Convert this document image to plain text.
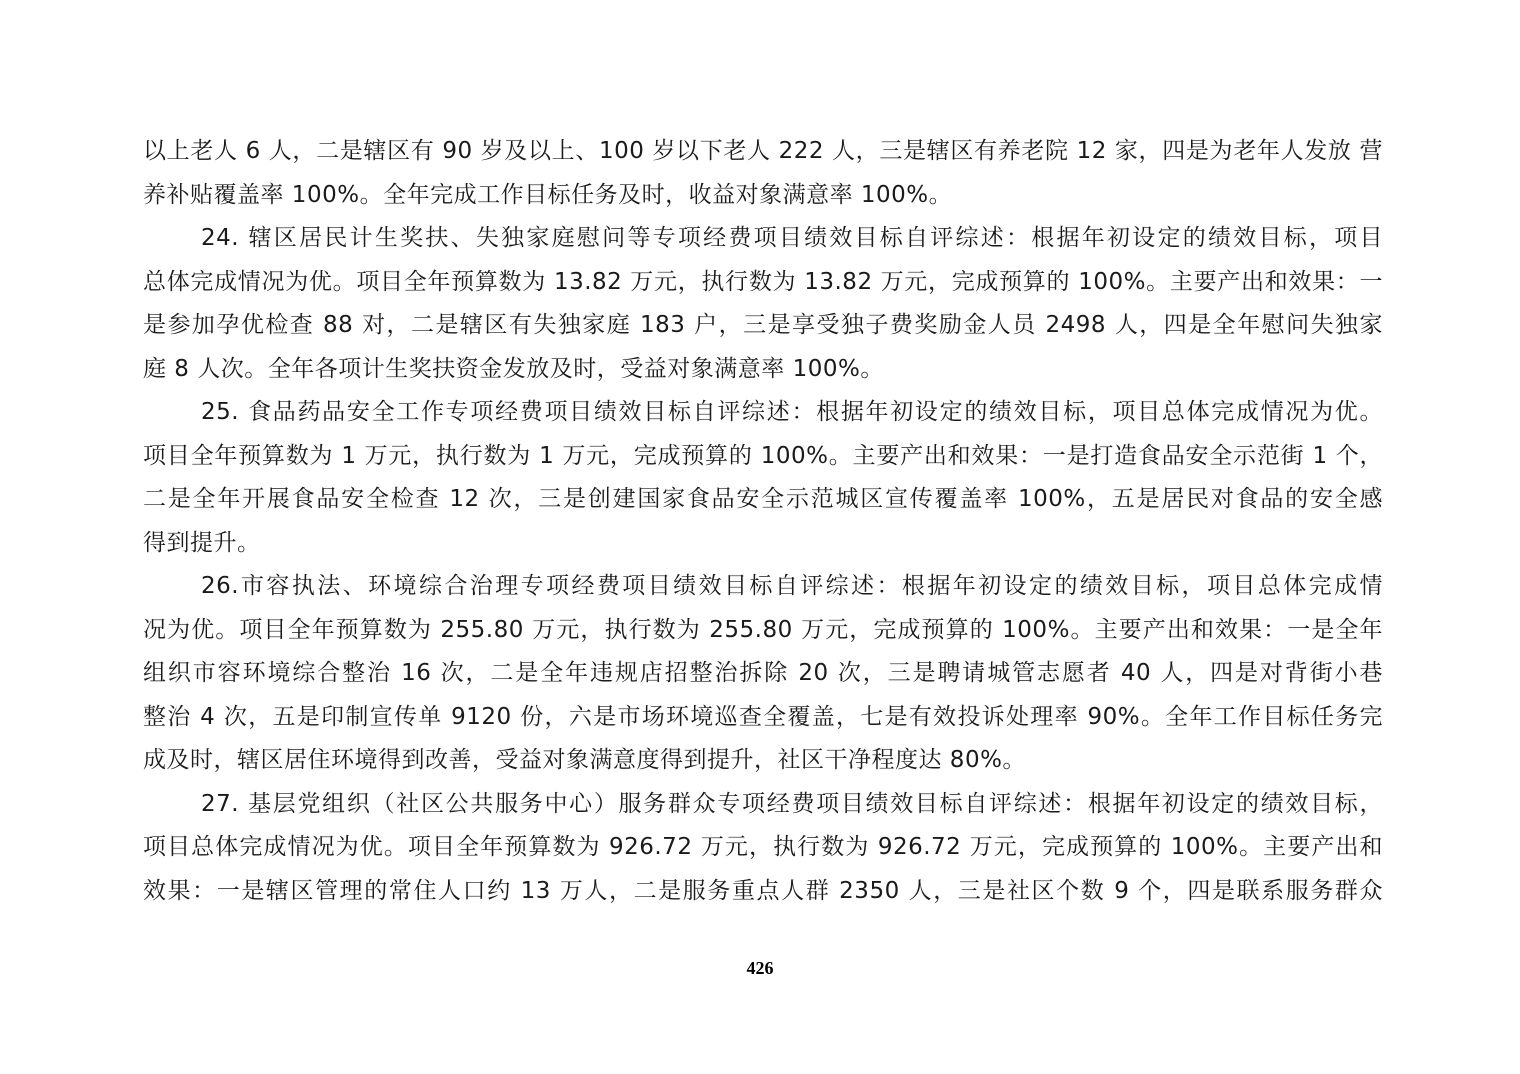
以上老人 6 人，二是辖区有 90 岁及以上、100 岁以下老人 222 人，三是辖区有养老院 12 家，四是为老年人发放 营
养补贴覆盖率 100%。全年完成工作目标任务及时，收益对象满意率 100%。
24. 辖区居民计生奖扶、失独家庭慰问等专项经费项目绩效目标自评综述：根据年初设定的绩效目标，项目
总体完成情况为优。项目全年预算数为 13.82 万元，执行数为 13.82 万元，完成预算的 100%。主要产出和效果：一
是参加孕优检查 88 对，二是辖区有失独家庭 183 户，三是享受独子费奖励金人员 2498 人，四是全年慰问失独家
庭 8 人次。全年各项计生奖扶资金发放及时，受益对象满意率 100%。
25. 食品药品安全工作专项经费项目绩效目标自评综述：根据年初设定的绩效目标，项目总体完成情况为优。
项目全年预算数为 1 万元，执行数为 1 万元，完成预算的 100%。主要产出和效果：一是打造食品安全示范街 1 个，
二是全年开展食品安全检查 12 次，三是创建国家食品安全示范城区宣传覆盖率 100%，五是居民对食品的安全感
得到提升。
26.市容执法、环境综合治理专项经费项目绩效目标自评综述：根据年初设定的绩效目标，项目总体完成情
况为优。项目全年预算数为 255.80 万元，执行数为 255.80 万元，完成预算的 100%。主要产出和效果：一是全年
组织市容环境综合整治 16 次，二是全年违规店招整治拆除 20 次，三是聘请城管志愿者 40 人，四是对背街小巷
整治 4 次，五是印制宣传单 9120 份，六是市场环境巡查全覆盖，七是有效投诉处理率 90%。全年工作目标任务完
成及时，辖区居住环境得到改善，受益对象满意度得到提升，社区干净程度达 80%。
27. 基层党组织（社区公共服务中心）服务群众专项经费项目绩效目标自评综述：根据年初设定的绩效目标，
项目总体完成情况为优。项目全年预算数为 926.72 万元，执行数为 926.72 万元，完成预算的 100%。主要产出和
效果：一是辖区管理的常住人口约 13 万人，二是服务重点人群 2350 人，三是社区个数 9 个，四是联系服务群众
426
